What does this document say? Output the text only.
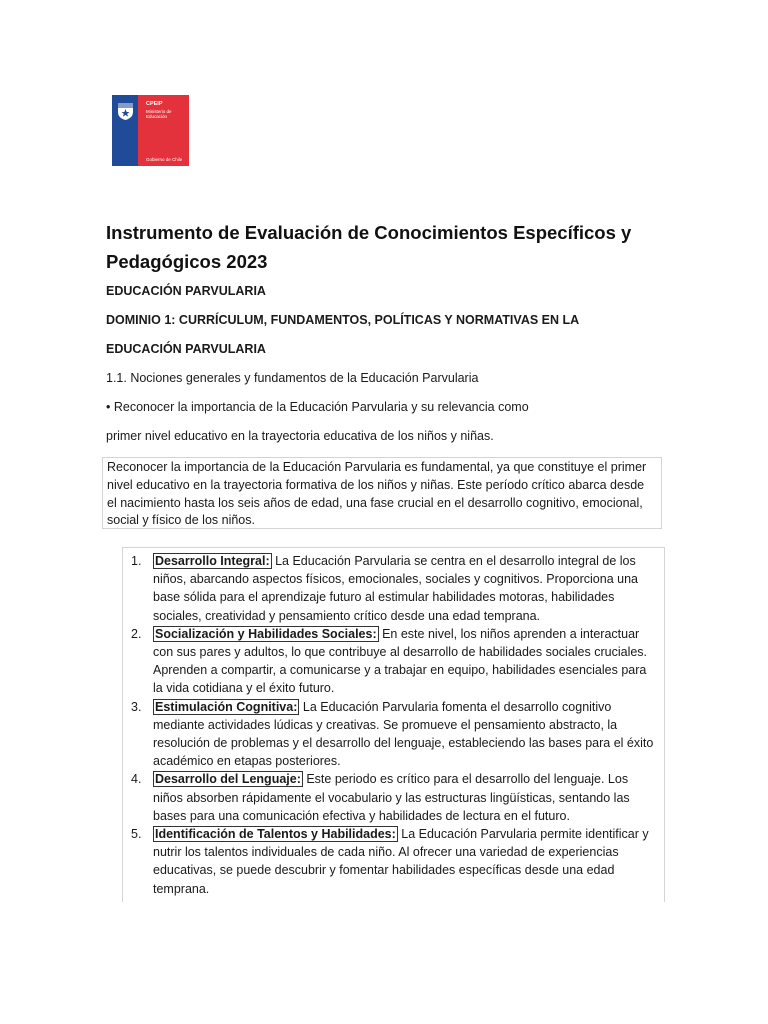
CPEIP
Ministerio de
Educación
Gobierno de Chile
Instrumento de Evaluación de Conocimientos Específicos y Pedagógicos 2023

EDUCACIÓN PARVULARIA

DOMINIO 1: CURRÍCULUM, FUNDAMENTOS, POLÍTICAS Y NORMATIVAS EN LA

EDUCACIÓN PARVULARIA

1.1. Nociones generales y fundamentos de la Educación Parvularia

• Reconocer la importancia de la Educación Parvularia y su relevancia como

primer nivel educativo en la trayectoria educativa de los niños y niñas.

Reconocer la importancia de la Educación Parvularia es fundamental, ya que constituye el primer nivel educativo en la trayectoria formativa de los niños y niñas. Este período crítico abarca desde el nacimiento hasta los seis años de edad, una fase crucial en el desarrollo cognitivo, emocional, social y físico de los niños.
1. Desarrollo Integral: La Educación Parvularia se centra en el desarrollo integral de los niños, abarcando aspectos físicos, emocionales, sociales y cognitivos. Proporciona una base sólida para el aprendizaje futuro al estimular habilidades motoras, habilidades sociales, creatividad y pensamiento crítico desde una edad temprana.
2. Socialización y Habilidades Sociales: En este nivel, los niños aprenden a interactuar con sus pares y adultos, lo que contribuye al desarrollo de habilidades sociales cruciales. Aprenden a compartir, a comunicarse y a trabajar en equipo, habilidades esenciales para la vida cotidiana y el éxito futuro.
3. Estimulación Cognitiva: La Educación Parvularia fomenta el desarrollo cognitivo mediante actividades lúdicas y creativas. Se promueve el pensamiento abstracto, la resolución de problemas y el desarrollo del lenguaje, estableciendo las bases para el éxito académico en etapas posteriores.
4. Desarrollo del Lenguaje: Este periodo es crítico para el desarrollo del lenguaje. Los niños absorben rápidamente el vocabulario y las estructuras lingüísticas, sentando las bases para una comunicación efectiva y habilidades de lectura en el futuro.
5. Identificación de Talentos y Habilidades: La Educación Parvularia permite identificar y nutrir los talentos individuales de cada niño. Al ofrecer una variedad de experiencias educativas, se puede descubrir y fomentar habilidades específicas desde una edad temprana.
